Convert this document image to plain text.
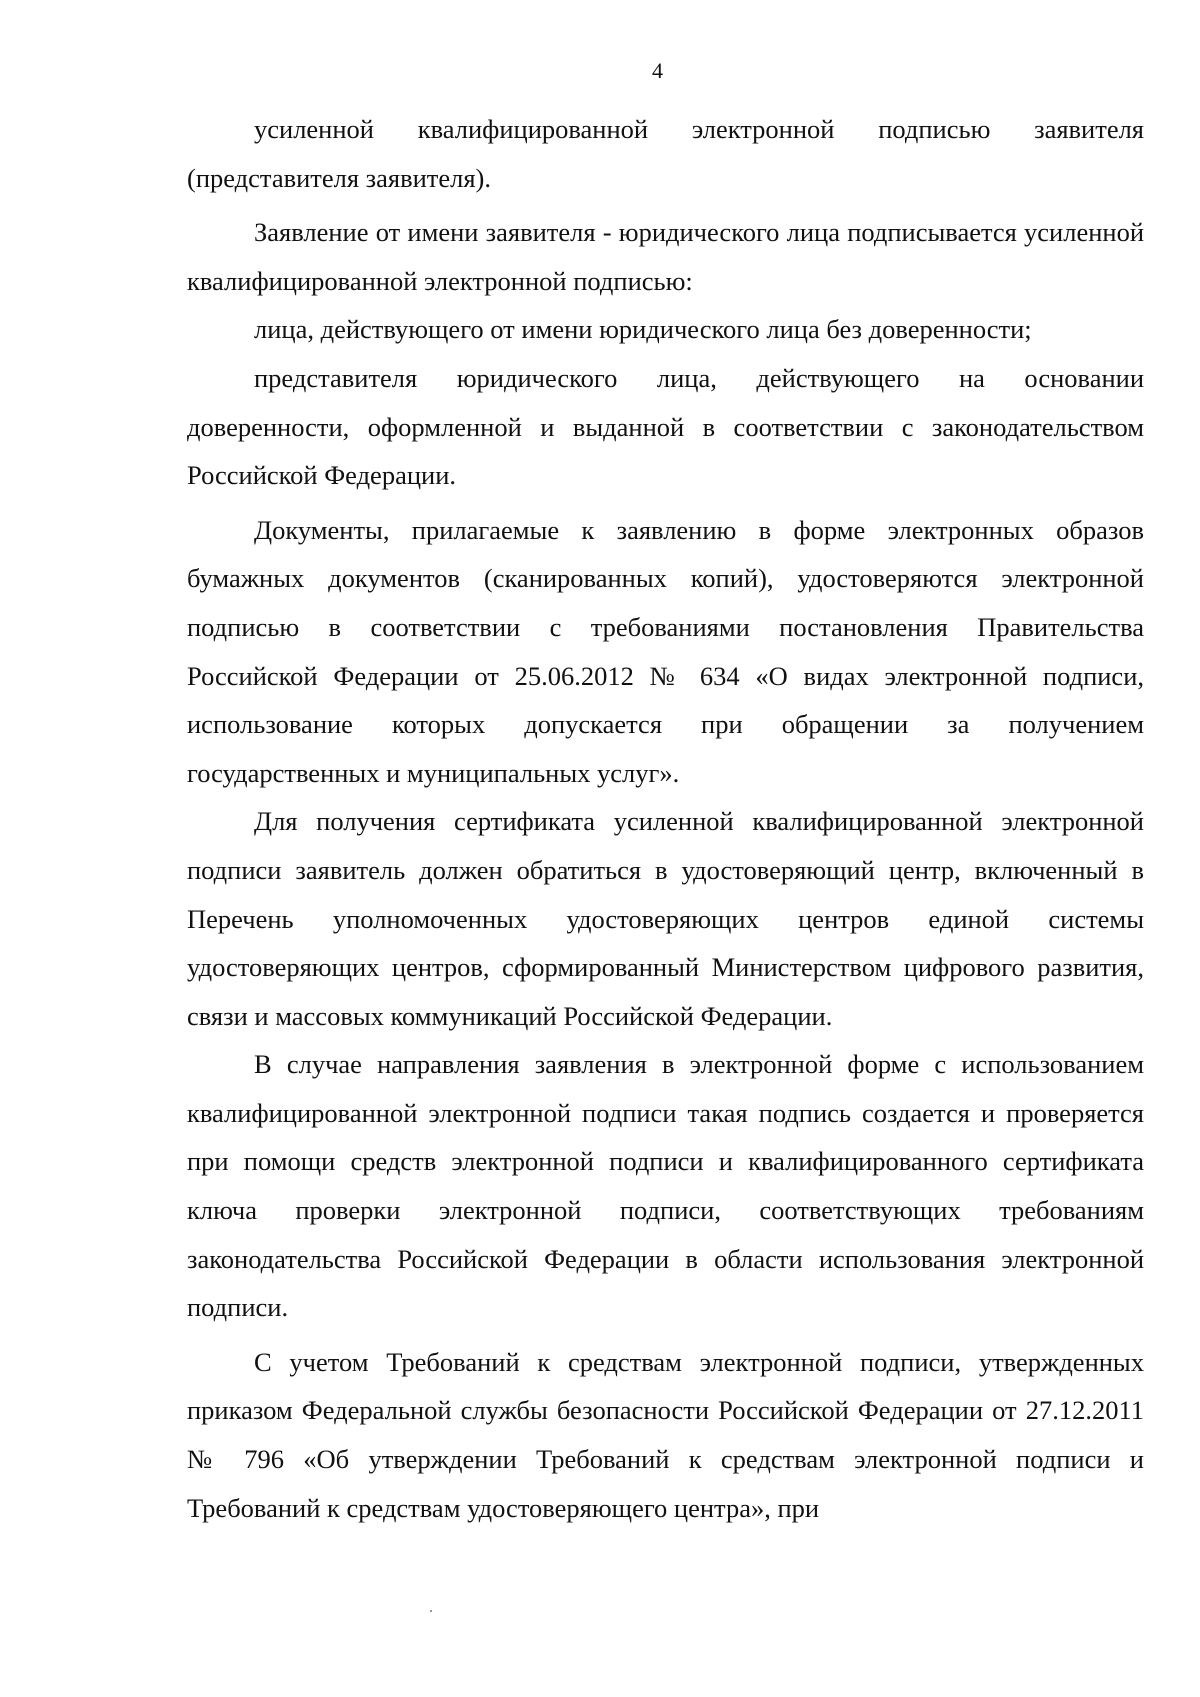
4

усиленной квалифицированной электронной подписью заявителя (представителя заявителя).

Заявление от имени заявителя - юридического лица подписывается усиленной квалифицированной электронной подписью:

лица, действующего от имени юридического лица без доверенности;

представителя юридического лица, действующего на основании доверенности, оформленной и выданной в соответствии с законодательством Российской Федерации.

Документы, прилагаемые к заявлению в форме электронных образов бумажных документов (сканированных копий), удостоверяются электронной подписью в соответствии с требованиями постановления Правительства Российской Федерации от 25.06.2012 № 634 «О видах электронной подписи, использование которых допускается при обращении за получением государственных и муниципальных услуг».

Для получения сертификата усиленной квалифицированной электронной подписи заявитель должен обратиться в удостоверяющий центр, включенный в Перечень уполномоченных удостоверяющих центров единой системы удостоверяющих центров, сформированный Министерством цифрового развития, связи и массовых коммуникаций Российской Федерации.

В случае направления заявления в электронной форме с использованием квалифицированной электронной подписи такая подпись создается и проверяется при помощи средств электронной подписи и квалифицированного сертификата ключа проверки электронной подписи, соответствующих требованиям законодательства Российской Федерации в области использования электронной подписи.

С учетом Требований к средствам электронной подписи, утвержденных приказом Федеральной службы безопасности Российской Федерации от 27.12.2011 № 796 «Об утверждении Требований к средствам электронной подписи и Требований к средствам удостоверяющего центра», при
